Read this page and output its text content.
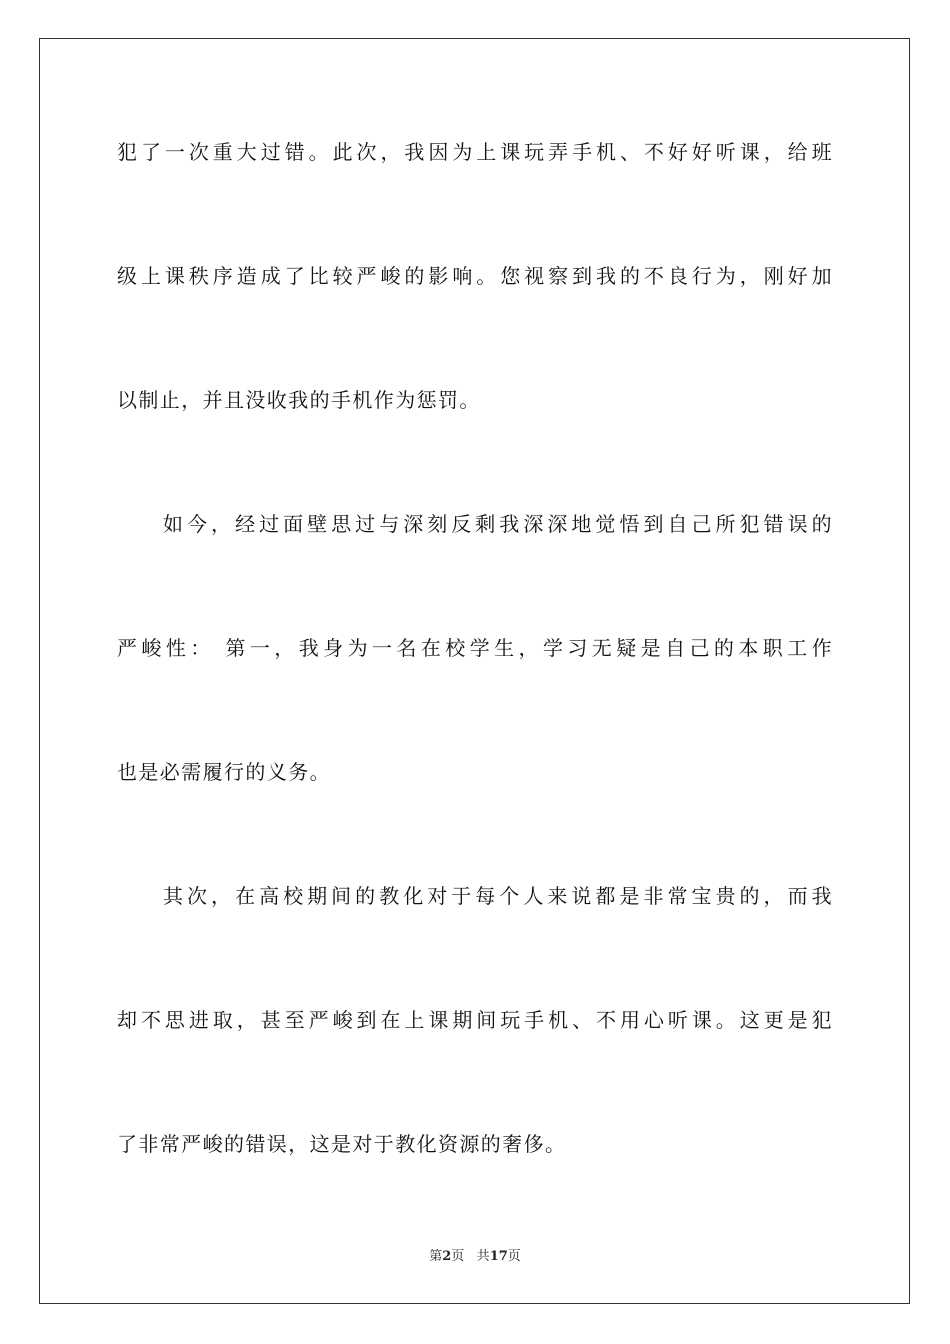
犯了一次重大过错。此次，我因为上课玩弄手机、不好好听课，给班
级上课秩序造成了比较严峻的影响。您视察到我的不良行为，刚好加
以制止，并且没收我的手机作为惩罚。
如今，经过面壁思过与深刻反剩我深深地觉悟到自己所犯错误的
严峻性： 第一，我身为一名在校学生，学习无疑是自己的本职工作
也是必需履行的义务。
其次，在高校期间的教化对于每个人来说都是非常宝贵的，而我
却不思进取，甚至严峻到在上课期间玩手机、不用心听课。这更是犯
了非常严峻的错误，这是对于教化资源的奢侈。
第2页 共17页
